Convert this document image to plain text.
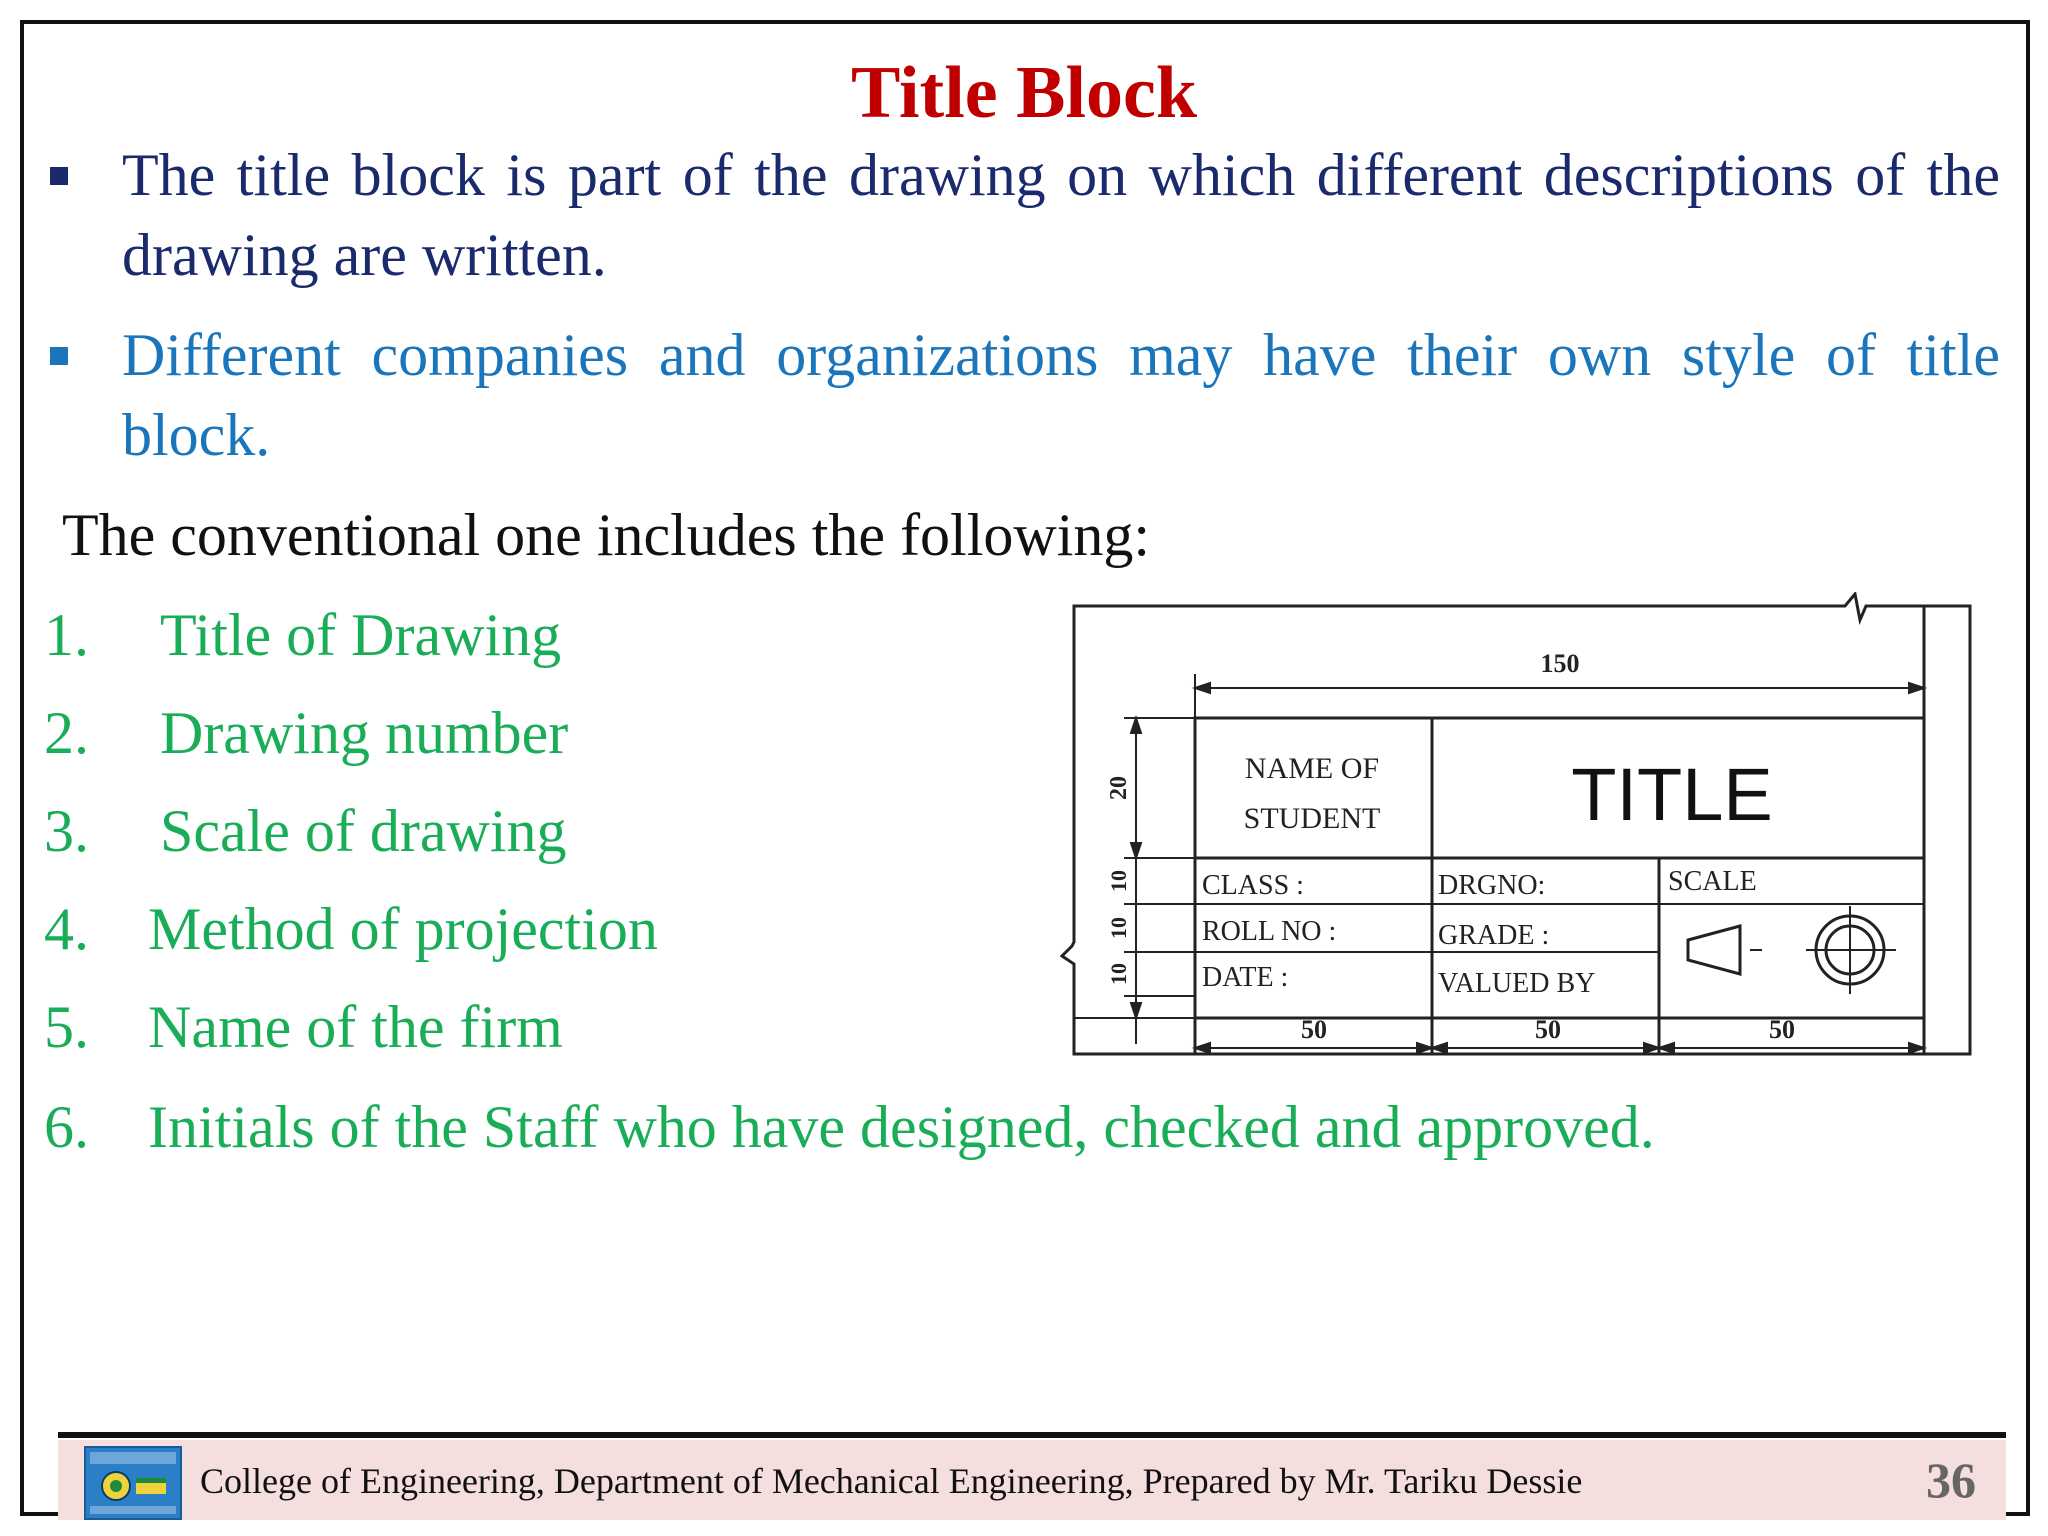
Title Block
The title block is part of the drawing on which different descriptions of the drawing are written.
Different companies and organizations may have their own style of title block.
The conventional one includes the following:
1. Title of Drawing
2. Drawing number
3. Scale of drawing
4. Method of projection
5. Name of the firm
6. Initials of the Staff who have designed, checked and approved.
150
20
10
10
10
50	50	50
NAME OF
STUDENT	TITLE
CLASS :	DRGNO:	SCALE
ROLL NO :	GRADE :
DATE :	VALUED BY
College of Engineering, Department of Mechanical Engineering, Prepared by Mr. Tariku Dessie	36
